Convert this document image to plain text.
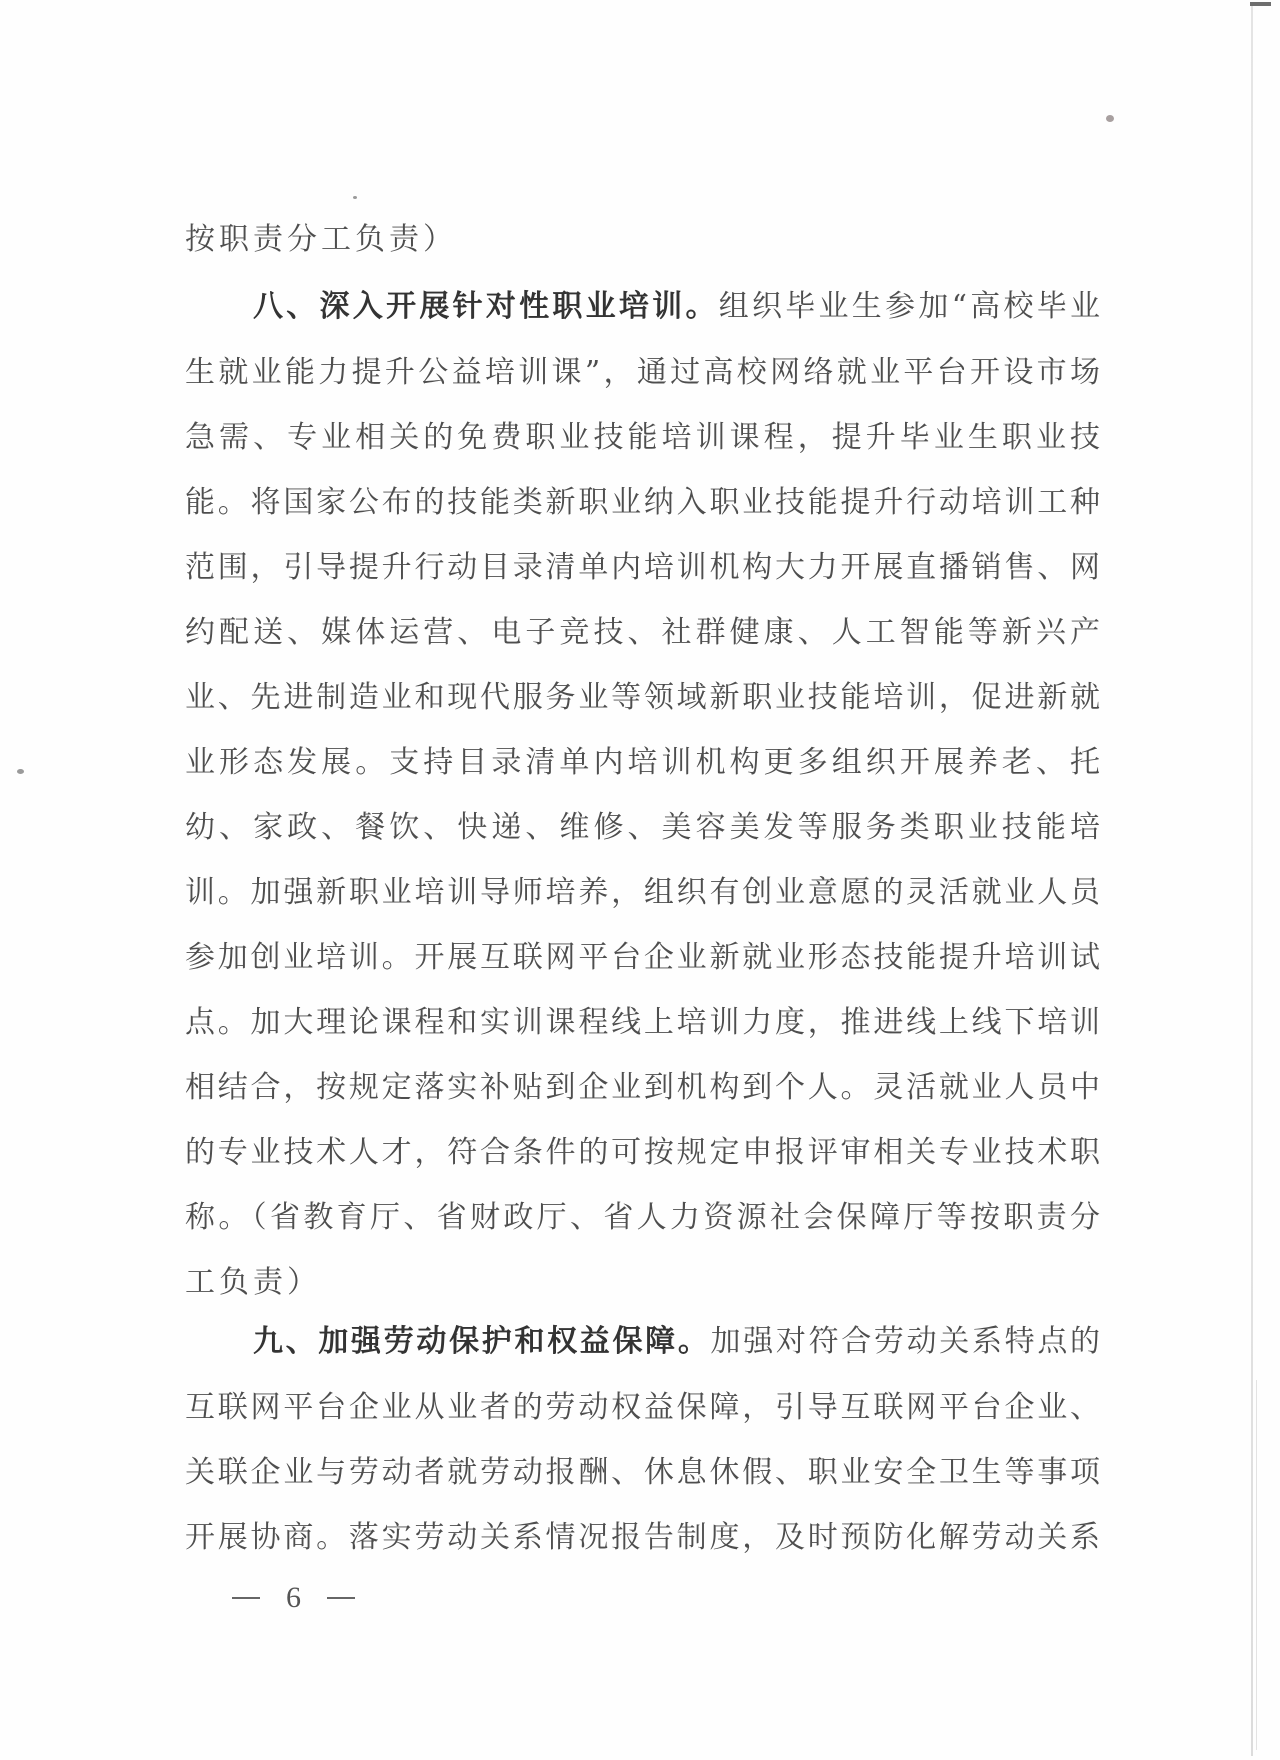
按职责分工负责）
八、深入开展针对性职业培训。组织毕业生参加“高校毕业
生就业能力提升公益培训课”，通过高校网络就业平台开设市场
急需、专业相关的免费职业技能培训课程，提升毕业生职业技
能。将国家公布的技能类新职业纳入职业技能提升行动培训工种
范围，引导提升行动目录清单内培训机构大力开展直播销售、网
约配送、媒体运营、电子竞技、社群健康、人工智能等新兴产
业、先进制造业和现代服务业等领域新职业技能培训，促进新就
业形态发展。支持目录清单内培训机构更多组织开展养老、托
幼、家政、餐饮、快递、维修、美容美发等服务类职业技能培
训。加强新职业培训导师培养，组织有创业意愿的灵活就业人员
参加创业培训。开展互联网平台企业新就业形态技能提升培训试
点。加大理论课程和实训课程线上培训力度，推进线上线下培训
相结合，按规定落实补贴到企业到机构到个人。灵活就业人员中
的专业技术人才，符合条件的可按规定申报评审相关专业技术职
称。（省教育厅、省财政厅、省人力资源社会保障厅等按职责分
工负责）
九、加强劳动保护和权益保障。加强对符合劳动关系特点的
互联网平台企业从业者的劳动权益保障，引导互联网平台企业、
关联企业与劳动者就劳动报酬、休息休假、职业安全卫生等事项
开展协商。落实劳动关系情况报告制度，及时预防化解劳动关系
6
